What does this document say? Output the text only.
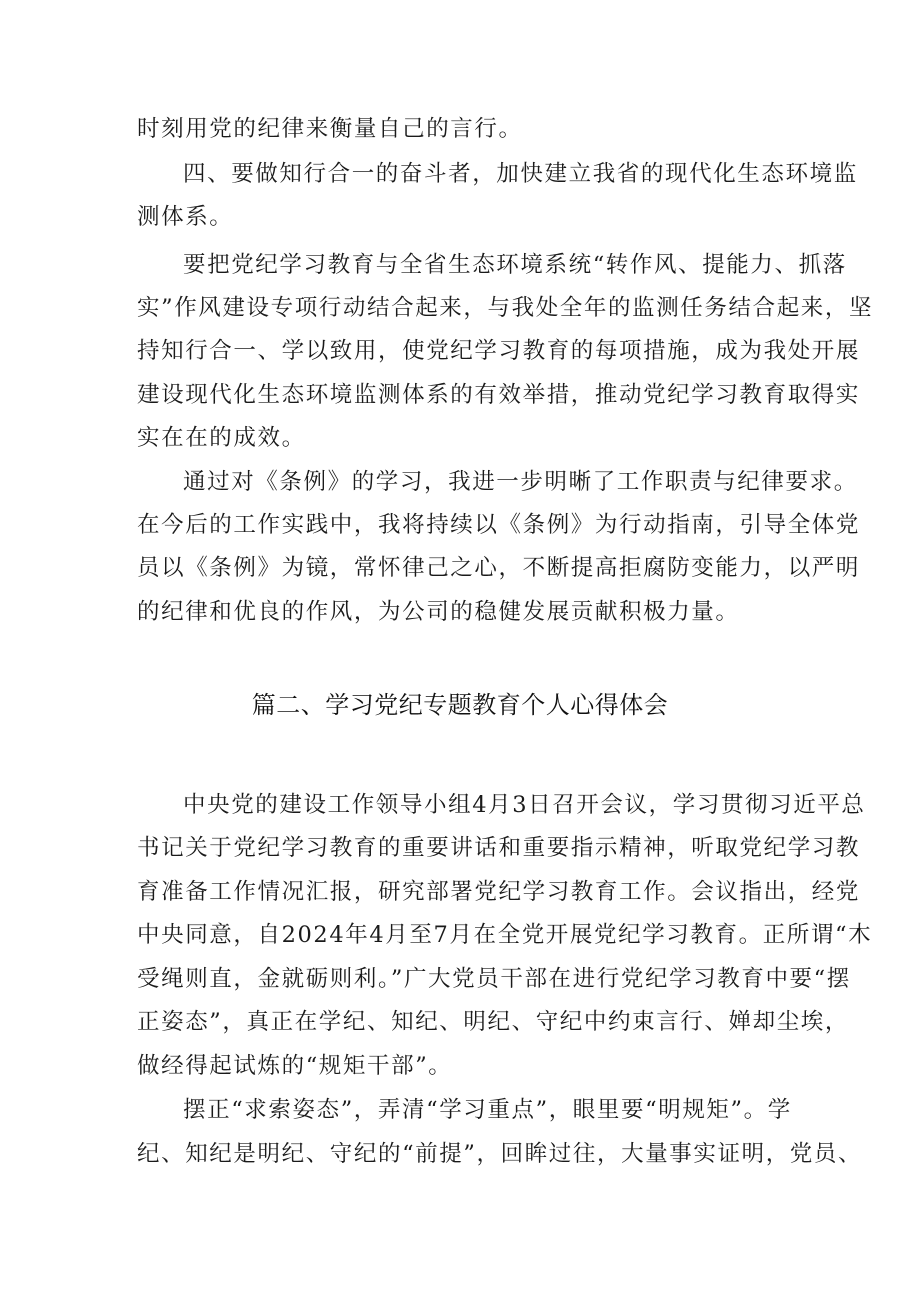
时刻用党的纪律来衡量自己的言行。
四、要做知行合一的奋斗者，加快建立我省的现代化生态环境监
测体系。
要把党纪学习教育与全省生态环境系统“转作风、提能力、抓落
实”作风建设专项行动结合起来，与我处全年的监测任务结合起来，坚
持知行合一、学以致用，使党纪学习教育的每项措施，成为我处开展
建设现代化生态环境监测体系的有效举措，推动党纪学习教育取得实
实在在的成效。
通过对《条例》的学习，我进一步明晰了工作职责与纪律要求。
在今后的工作实践中，我将持续以《条例》为行动指南，引导全体党
员以《条例》为镜，常怀律己之心，不断提高拒腐防变能力，以严明
的纪律和优良的作风，为公司的稳健发展贡献积极力量。
篇二、学习党纪专题教育个人心得体会
中央党的建设工作领导小组4月3日召开会议，学习贯彻习近平总
书记关于党纪学习教育的重要讲话和重要指示精神，听取党纪学习教
育准备工作情况汇报，研究部署党纪学习教育工作。会议指出，经党
中央同意，自2024年4月至7月在全党开展党纪学习教育。正所谓“木
受绳则直，金就砺则利。”广大党员干部在进行党纪学习教育中要“摆
正姿态”，真正在学纪、知纪、明纪、守纪中约束言行、婵却尘埃，
做经得起试炼的“规矩干部”。
摆正“求索姿态”，弄清“学习重点”，眼里要“明规矩”。学
纪、知纪是明纪、守纪的“前提”，回眸过往，大量事实证明，党员、
